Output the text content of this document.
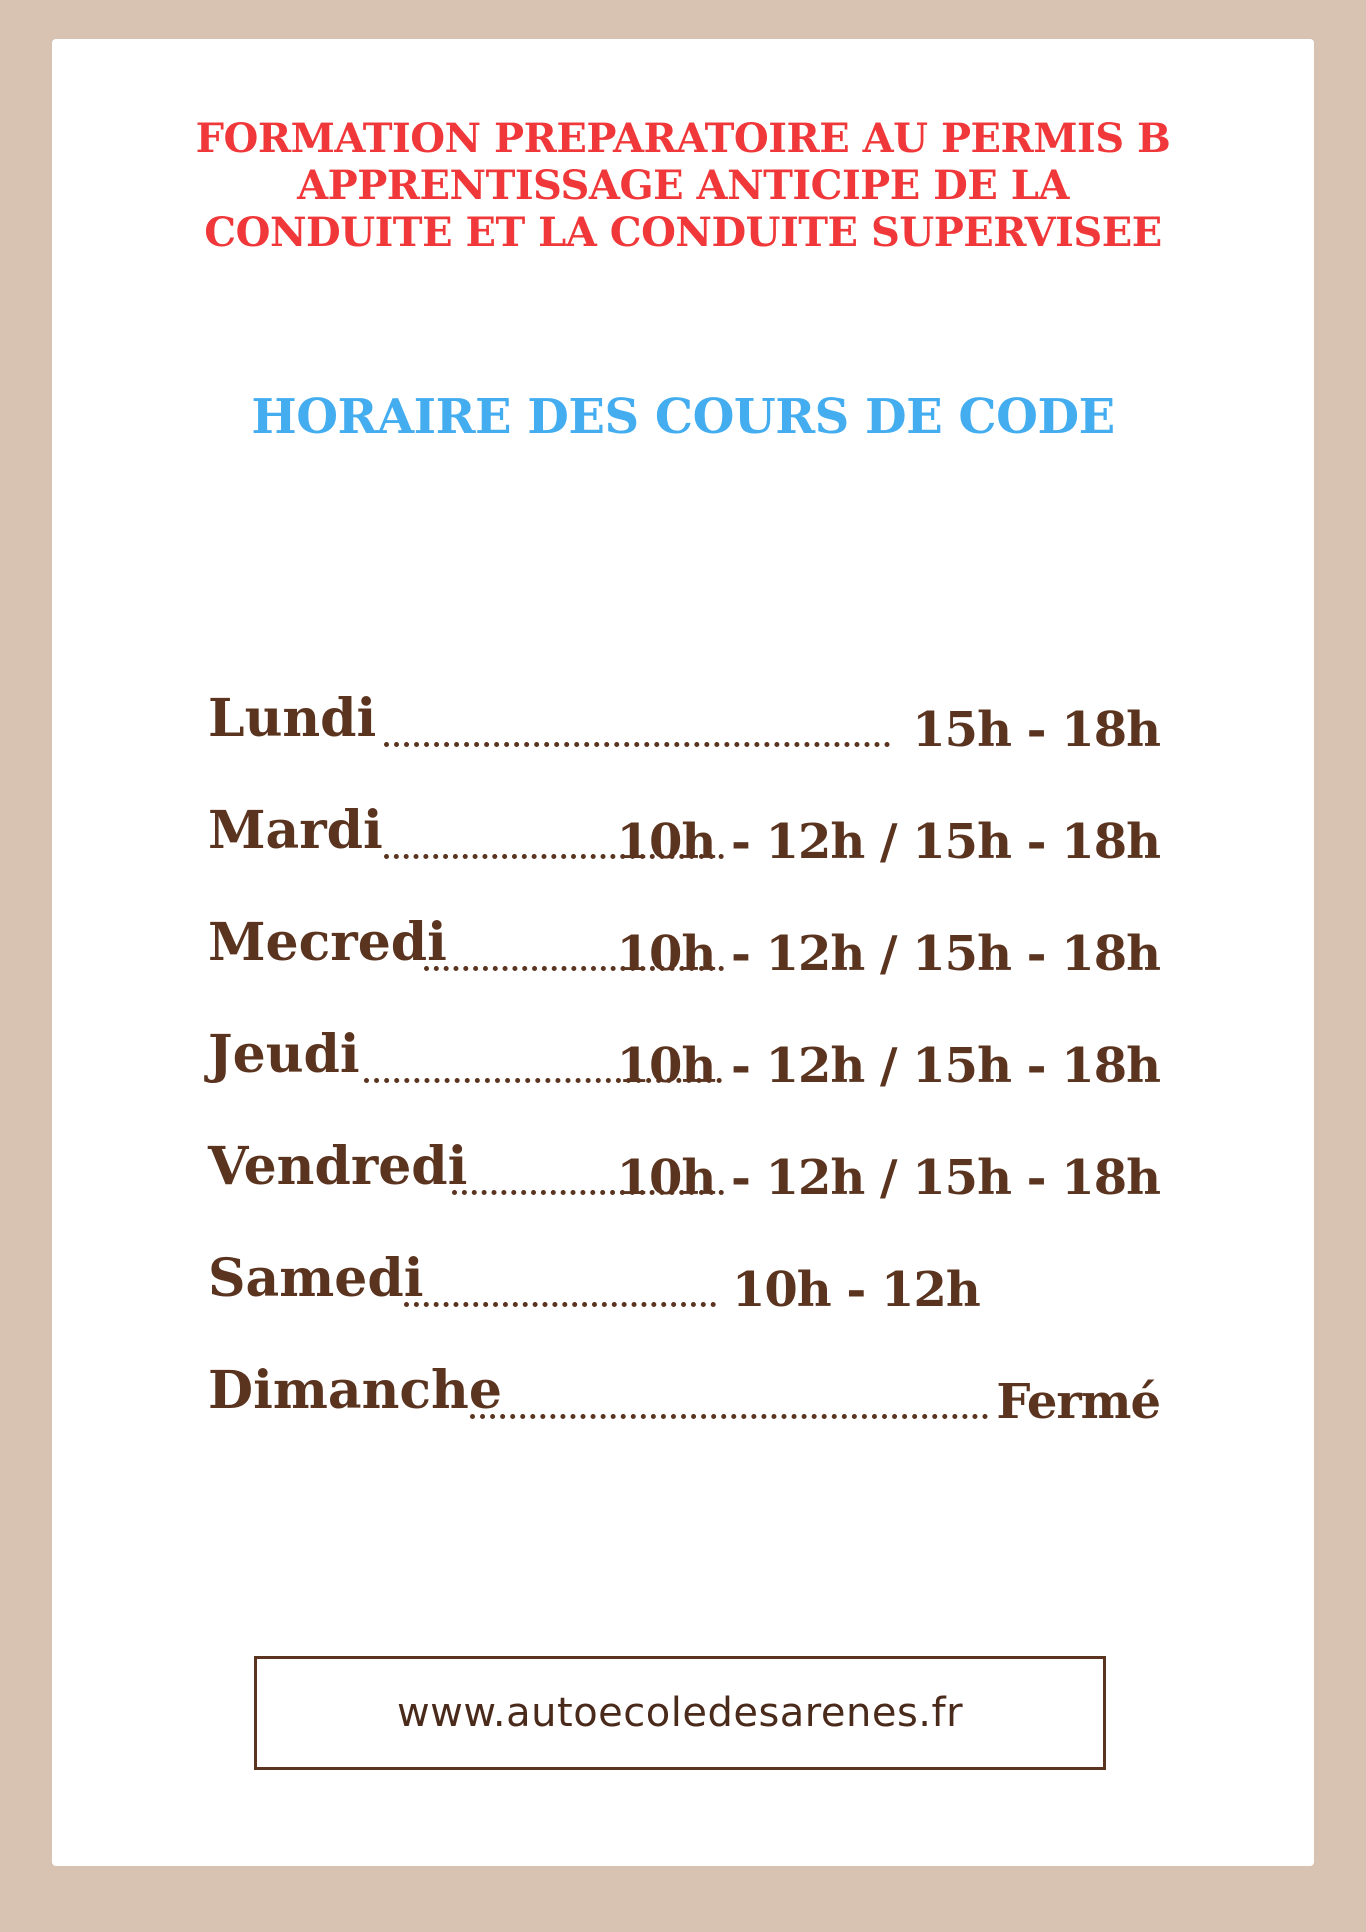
FORMATION PREPARATOIRE AU PERMIS B
APPRENTISSAGE ANTICIPE DE LA
CONDUITE ET LA CONDUITE SUPERVISEE
HORAIRE DES COURS DE CODE
Lundi	15h - 18h
Mardi	10h - 12h / 15h - 18h
Mecredi	10h - 12h / 15h - 18h
Jeudi	10h - 12h / 15h - 18h
Vendredi	10h - 12h / 15h - 18h
Samedi	10h - 12h
Dimanche	Fermé
www.autoecoledesarenes.fr
